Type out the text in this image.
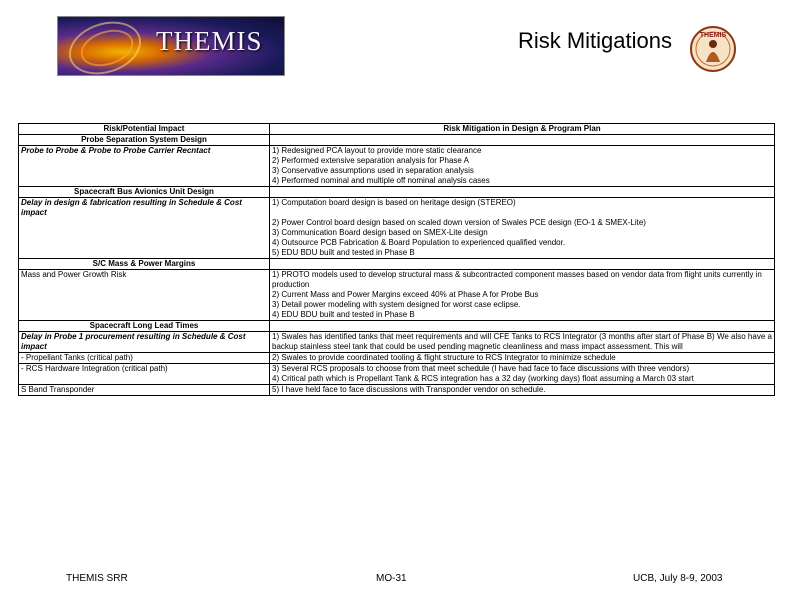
THEMIS	Risk Mitigations	THEMIS
Risk/Potential Impact	Risk Mitigation in Design & Program Plan
Probe Separation System Design	
Probe to Probe & Probe to Probe Carrier Recntact	1) Redesigned PCA layout to provide more static clearance
2) Performed extensive separation analysis for Phase A
3) Conservative assumptions used in separation analysis
4) Performed nominal and multiple off nominal analysis cases
Spacecraft Bus Avionics Unit Design	
Delay in design & fabrication resulting in Schedule & Cost impact	1) Computation board design is based on heritage design (STEREO)

2) Power Control board design based on scaled down version of Swales PCE design (EO-1 & SMEX-Lite)
3) Communication Board design based on SMEX-Lite design
4) Outsource PCB Fabrication & Board Population to experienced qualified vendor.
5) EDU BDU built and tested in Phase B
S/C Mass & Power Margins	
Mass and Power Growth Risk	1) PROTO models used to develop structural mass & subcontracted component masses based on vendor data from flight units currently in production
2) Current Mass and Power Margins exceed 40% at Phase A for Probe Bus
3) Detail power modeling with system designed for worst case eclipse.
4) EDU BDU built and tested in Phase B
Spacecraft Long Lead Times	
Delay in Probe 1 procurement resulting in Schedule & Cost impact	1) Swales has identified tanks that meet requirements and will CFE Tanks to RCS Integrator (3 months after start of Phase B) We also have a backup stainless steel tank that could be used pending magnetic cleanliness and mass impact assessment. This will
- Propellant Tanks (critical path)	2) Swales to provide coordinated tooling & flight structure to RCS Integrator to minimize schedule
- RCS Hardware Integration (critical path)	3) Several RCS proposals to choose from that meet schedule (I have had face to face discussions with three vendors)
4) Critical path which is Propellant Tank & RCS integration has a 32 day (working days) float assuming a March 03 start
S Band Transponder	5) I have held face to face discussions with Transponder vendor on schedule.
THEMIS SRR	MO-31	UCB, July 8-9, 2003
